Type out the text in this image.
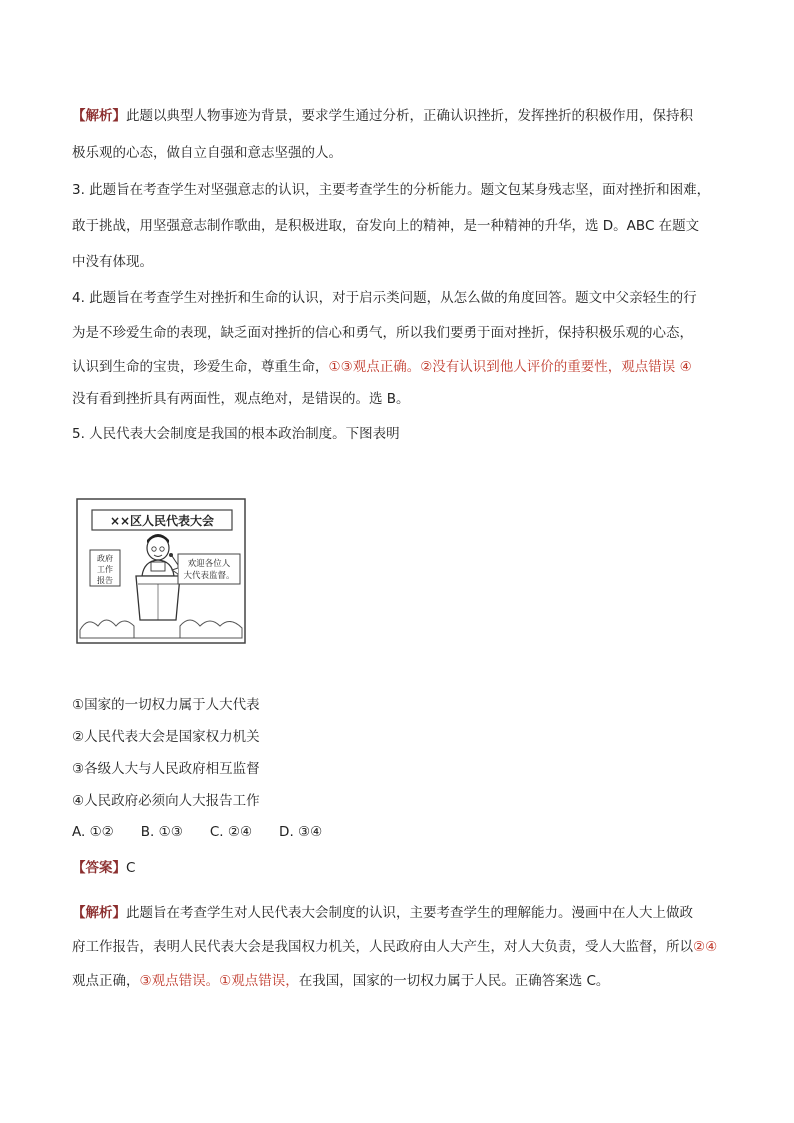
【解析】此题以典型人物事迹为背景，要求学生通过分析，正确认识挫折，发挥挫折的积极作用，保持积
极乐观的心态，做自立自强和意志坚强的人。
3. 此题旨在考查学生对坚强意志的认识，主要考查学生的分析能力。题文包某身残志坚，面对挫折和困难，
敢于挑战，用坚强意志制作歌曲，是积极进取，奋发向上的精神，是一种精神的升华，选 D。ABC 在题文
中没有体现。
4. 此题旨在考查学生对挫折和生命的认识，对于启示类问题，从怎么做的角度回答。题文中父亲轻生的行
为是不珍爱生命的表现，缺乏面对挫折的信心和勇气，所以我们要勇于面对挫折，保持积极乐观的心态，
认识到生命的宝贵，珍爱生命，尊重生命，①③观点正确。②没有认识到他人评价的重要性，观点错误 ④
没有看到挫折具有两面性，观点绝对，是错误的。选 B。
5. 人民代表大会制度是我国的根本政治制度。下图表明
××区人民代表大会
政府
工作
报告
欢迎各位人
大代表监督。
①国家的一切权力属于人大代表
②人民代表大会是国家权力机关
③各级人大与人民政府相互监督
④人民政府必须向人大报告工作
A. ①②　　B. ①③　　C. ②④　　D. ③④
【答案】C
【解析】此题旨在考查学生对人民代表大会制度的认识，主要考查学生的理解能力。漫画中在人大上做政
府工作报告，表明人民代表大会是我国权力机关，人民政府由人大产生，对人大负责，受人大监督，所以②④
观点正确，③观点错误。①观点错误，在我国，国家的一切权力属于人民。正确答案选 C。
